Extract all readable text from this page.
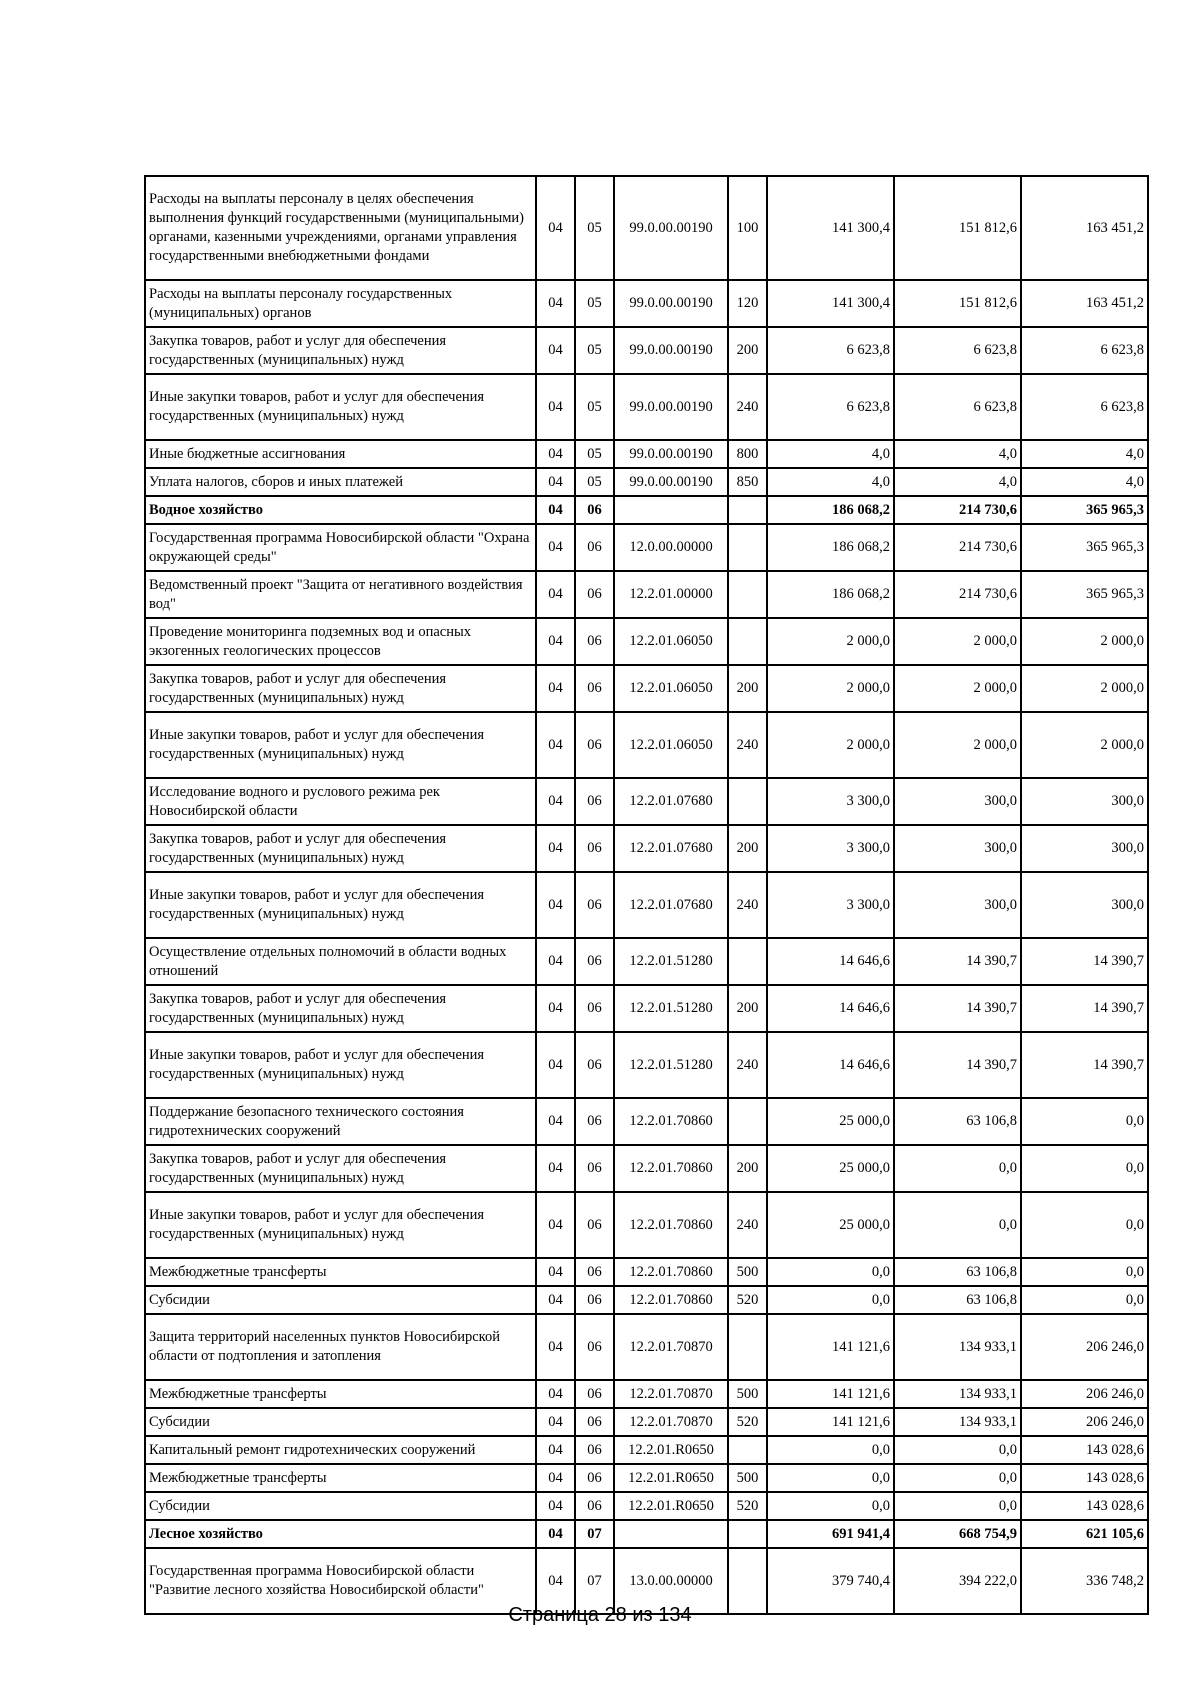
Расходы на выплаты персоналу в целях обеспечения выполнения функций государственными (муниципальными) органами, казенными учреждениями, органами управления государственными внебюджетными фондами	04	05	99.0.00.00190	100	141 300,4	151 812,6	163 451,2
Расходы на выплаты персоналу государственных (муниципальных) органов	04	05	99.0.00.00190	120	141 300,4	151 812,6	163 451,2
Закупка товаров, работ и услуг для обеспечения государственных (муниципальных) нужд	04	05	99.0.00.00190	200	6 623,8	6 623,8	6 623,8
Иные закупки товаров, работ и услуг для обеспечения государственных (муниципальных) нужд	04	05	99.0.00.00190	240	6 623,8	6 623,8	6 623,8
Иные бюджетные ассигнования	04	05	99.0.00.00190	800	4,0	4,0	4,0
Уплата налогов, сборов и иных платежей	04	05	99.0.00.00190	850	4,0	4,0	4,0
Водное хозяйство	04	06			186 068,2	214 730,6	365 965,3
Государственная программа Новосибирской области "Охрана окружающей среды"	04	06	12.0.00.00000		186 068,2	214 730,6	365 965,3
Ведомственный проект "Защита от негативного воздействия вод"	04	06	12.2.01.00000		186 068,2	214 730,6	365 965,3
Проведение мониторинга подземных вод и опасных экзогенных геологических процессов	04	06	12.2.01.06050		2 000,0	2 000,0	2 000,0
Закупка товаров, работ и услуг для обеспечения государственных (муниципальных) нужд	04	06	12.2.01.06050	200	2 000,0	2 000,0	2 000,0
Иные закупки товаров, работ и услуг для обеспечения государственных (муниципальных) нужд	04	06	12.2.01.06050	240	2 000,0	2 000,0	2 000,0
Исследование водного и руслового режима рек Новосибирской области	04	06	12.2.01.07680		3 300,0	300,0	300,0
Закупка товаров, работ и услуг для обеспечения государственных (муниципальных) нужд	04	06	12.2.01.07680	200	3 300,0	300,0	300,0
Иные закупки товаров, работ и услуг для обеспечения государственных (муниципальных) нужд	04	06	12.2.01.07680	240	3 300,0	300,0	300,0
Осуществление отдельных полномочий в области водных отношений	04	06	12.2.01.51280		14 646,6	14 390,7	14 390,7
Закупка товаров, работ и услуг для обеспечения государственных (муниципальных) нужд	04	06	12.2.01.51280	200	14 646,6	14 390,7	14 390,7
Иные закупки товаров, работ и услуг для обеспечения государственных (муниципальных) нужд	04	06	12.2.01.51280	240	14 646,6	14 390,7	14 390,7
Поддержание безопасного технического состояния гидротехнических сооружений	04	06	12.2.01.70860		25 000,0	63 106,8	0,0
Закупка товаров, работ и услуг для обеспечения государственных (муниципальных) нужд	04	06	12.2.01.70860	200	25 000,0	0,0	0,0
Иные закупки товаров, работ и услуг для обеспечения государственных (муниципальных) нужд	04	06	12.2.01.70860	240	25 000,0	0,0	0,0
Межбюджетные трансферты	04	06	12.2.01.70860	500	0,0	63 106,8	0,0
Субсидии	04	06	12.2.01.70860	520	0,0	63 106,8	0,0
Защита территорий населенных пунктов Новосибирской области от подтопления и затопления	04	06	12.2.01.70870		141 121,6	134 933,1	206 246,0
Межбюджетные трансферты	04	06	12.2.01.70870	500	141 121,6	134 933,1	206 246,0
Субсидии	04	06	12.2.01.70870	520	141 121,6	134 933,1	206 246,0
Капитальный ремонт гидротехнических сооружений	04	06	12.2.01.R0650		0,0	0,0	143 028,6
Межбюджетные трансферты	04	06	12.2.01.R0650	500	0,0	0,0	143 028,6
Субсидии	04	06	12.2.01.R0650	520	0,0	0,0	143 028,6
Лесное хозяйство	04	07			691 941,4	668 754,9	621 105,6
Государственная программа Новосибирской области "Развитие лесного хозяйства Новосибирской области"	04	07	13.0.00.00000		379 740,4	394 222,0	336 748,2
Страница 28 из 134
